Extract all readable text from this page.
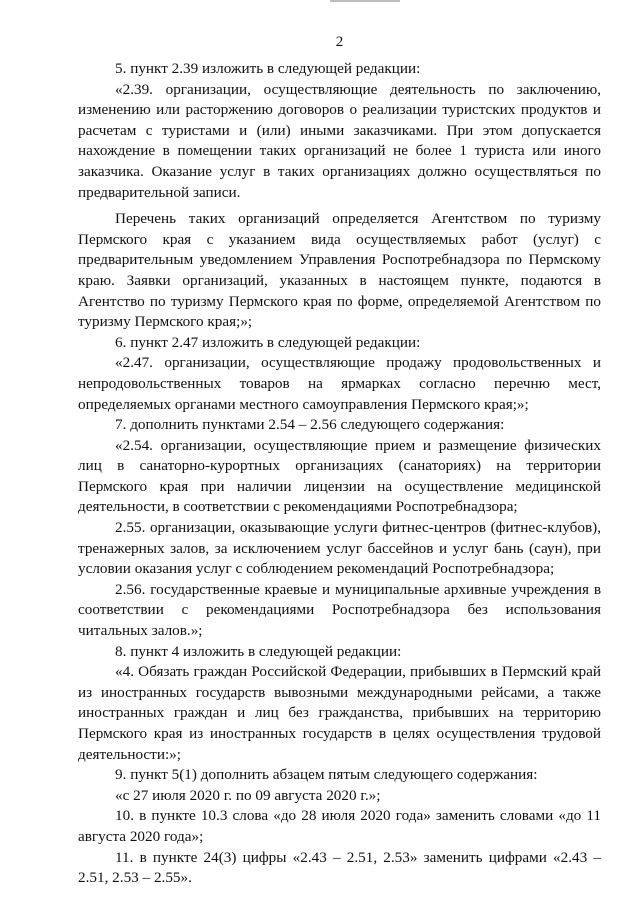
2

5. пункт 2.39 изложить в следующей редакции:

«2.39. организации, осуществляющие деятельность по заключению, изменению или расторжению договоров о реализации туристских продуктов и расчетам с туристами и (или) иными заказчиками. При этом допускается нахождение в помещении таких организаций не более 1 туриста или иного заказчика. Оказание услуг в таких организациях должно осуществляться по предварительной записи.

Перечень таких организаций определяется Агентством по туризму Пермского края с указанием вида осуществляемых работ (услуг) с предварительным уведомлением Управления Роспотребнадзора по Пермскому краю. Заявки организаций, указанных в настоящем пункте, подаются в Агентство по туризму Пермского края по форме, определяемой Агентством по туризму Пермского края;»;

6. пункт 2.47 изложить в следующей редакции:

«2.47. организации, осуществляющие продажу продовольственных и непродовольственных товаров на ярмарках согласно перечню мест, определяемых органами местного самоуправления Пермского края;»;

7. дополнить пунктами 2.54 – 2.56 следующего содержания:

«2.54. организации, осуществляющие прием и размещение физических лиц в санаторно-курортных организациях (санаториях) на территории Пермского края при наличии лицензии на осуществление медицинской деятельности, в соответствии с рекомендациями Роспотребнадзора;

2.55. организации, оказывающие услуги фитнес-центров (фитнес-клубов), тренажерных залов, за исключением услуг бассейнов и услуг бань (саун), при условии оказания услуг с соблюдением рекомендаций Роспотребнадзора;

2.56. государственные краевые и муниципальные архивные учреждения в соответствии с рекомендациями Роспотребнадзора без использования читальных залов.»;

8. пункт 4 изложить в следующей редакции:

«4. Обязать граждан Российской Федерации, прибывших в Пермский край из иностранных государств вывозными международными рейсами, а также иностранных граждан и лиц без гражданства, прибывших на территорию Пермского края из иностранных государств в целях осуществления трудовой деятельности:»;

9. пункт 5(1) дополнить абзацем пятым следующего содержания:

«с 27 июля 2020 г. по 09 августа 2020 г.»;

10. в пункте 10.3 слова «до 28 июля 2020 года» заменить словами «до 11 августа 2020 года»;

11. в пункте 24(3) цифры «2.43 – 2.51, 2.53» заменить цифрами «2.43 – 2.51, 2.53 – 2.55».
